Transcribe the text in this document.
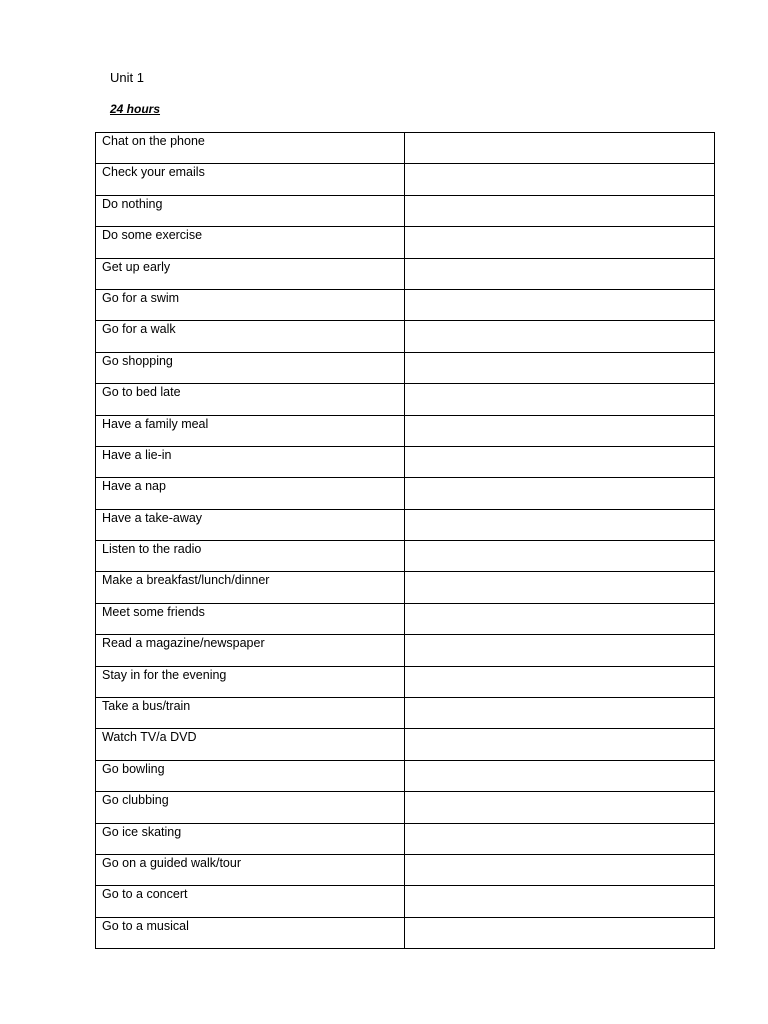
Unit 1
24 hours
Chat on the phone	

Check your emails	

Do nothing	

Do some exercise	

Get up early	

Go for a swim	

Go for a walk	

Go shopping	

Go to bed late	

Have a family meal	

Have a lie-in	

Have a nap	

Have a take-away	

Listen to the radio	

Make a breakfast/lunch/dinner	

Meet some friends	

Read a magazine/newspaper	

Stay in for the evening	

Take a bus/train	

Watch TV/a DVD	

Go bowling	

Go clubbing	

Go ice skating	

Go on a guided walk/tour	

Go to a concert	

Go to a musical	
